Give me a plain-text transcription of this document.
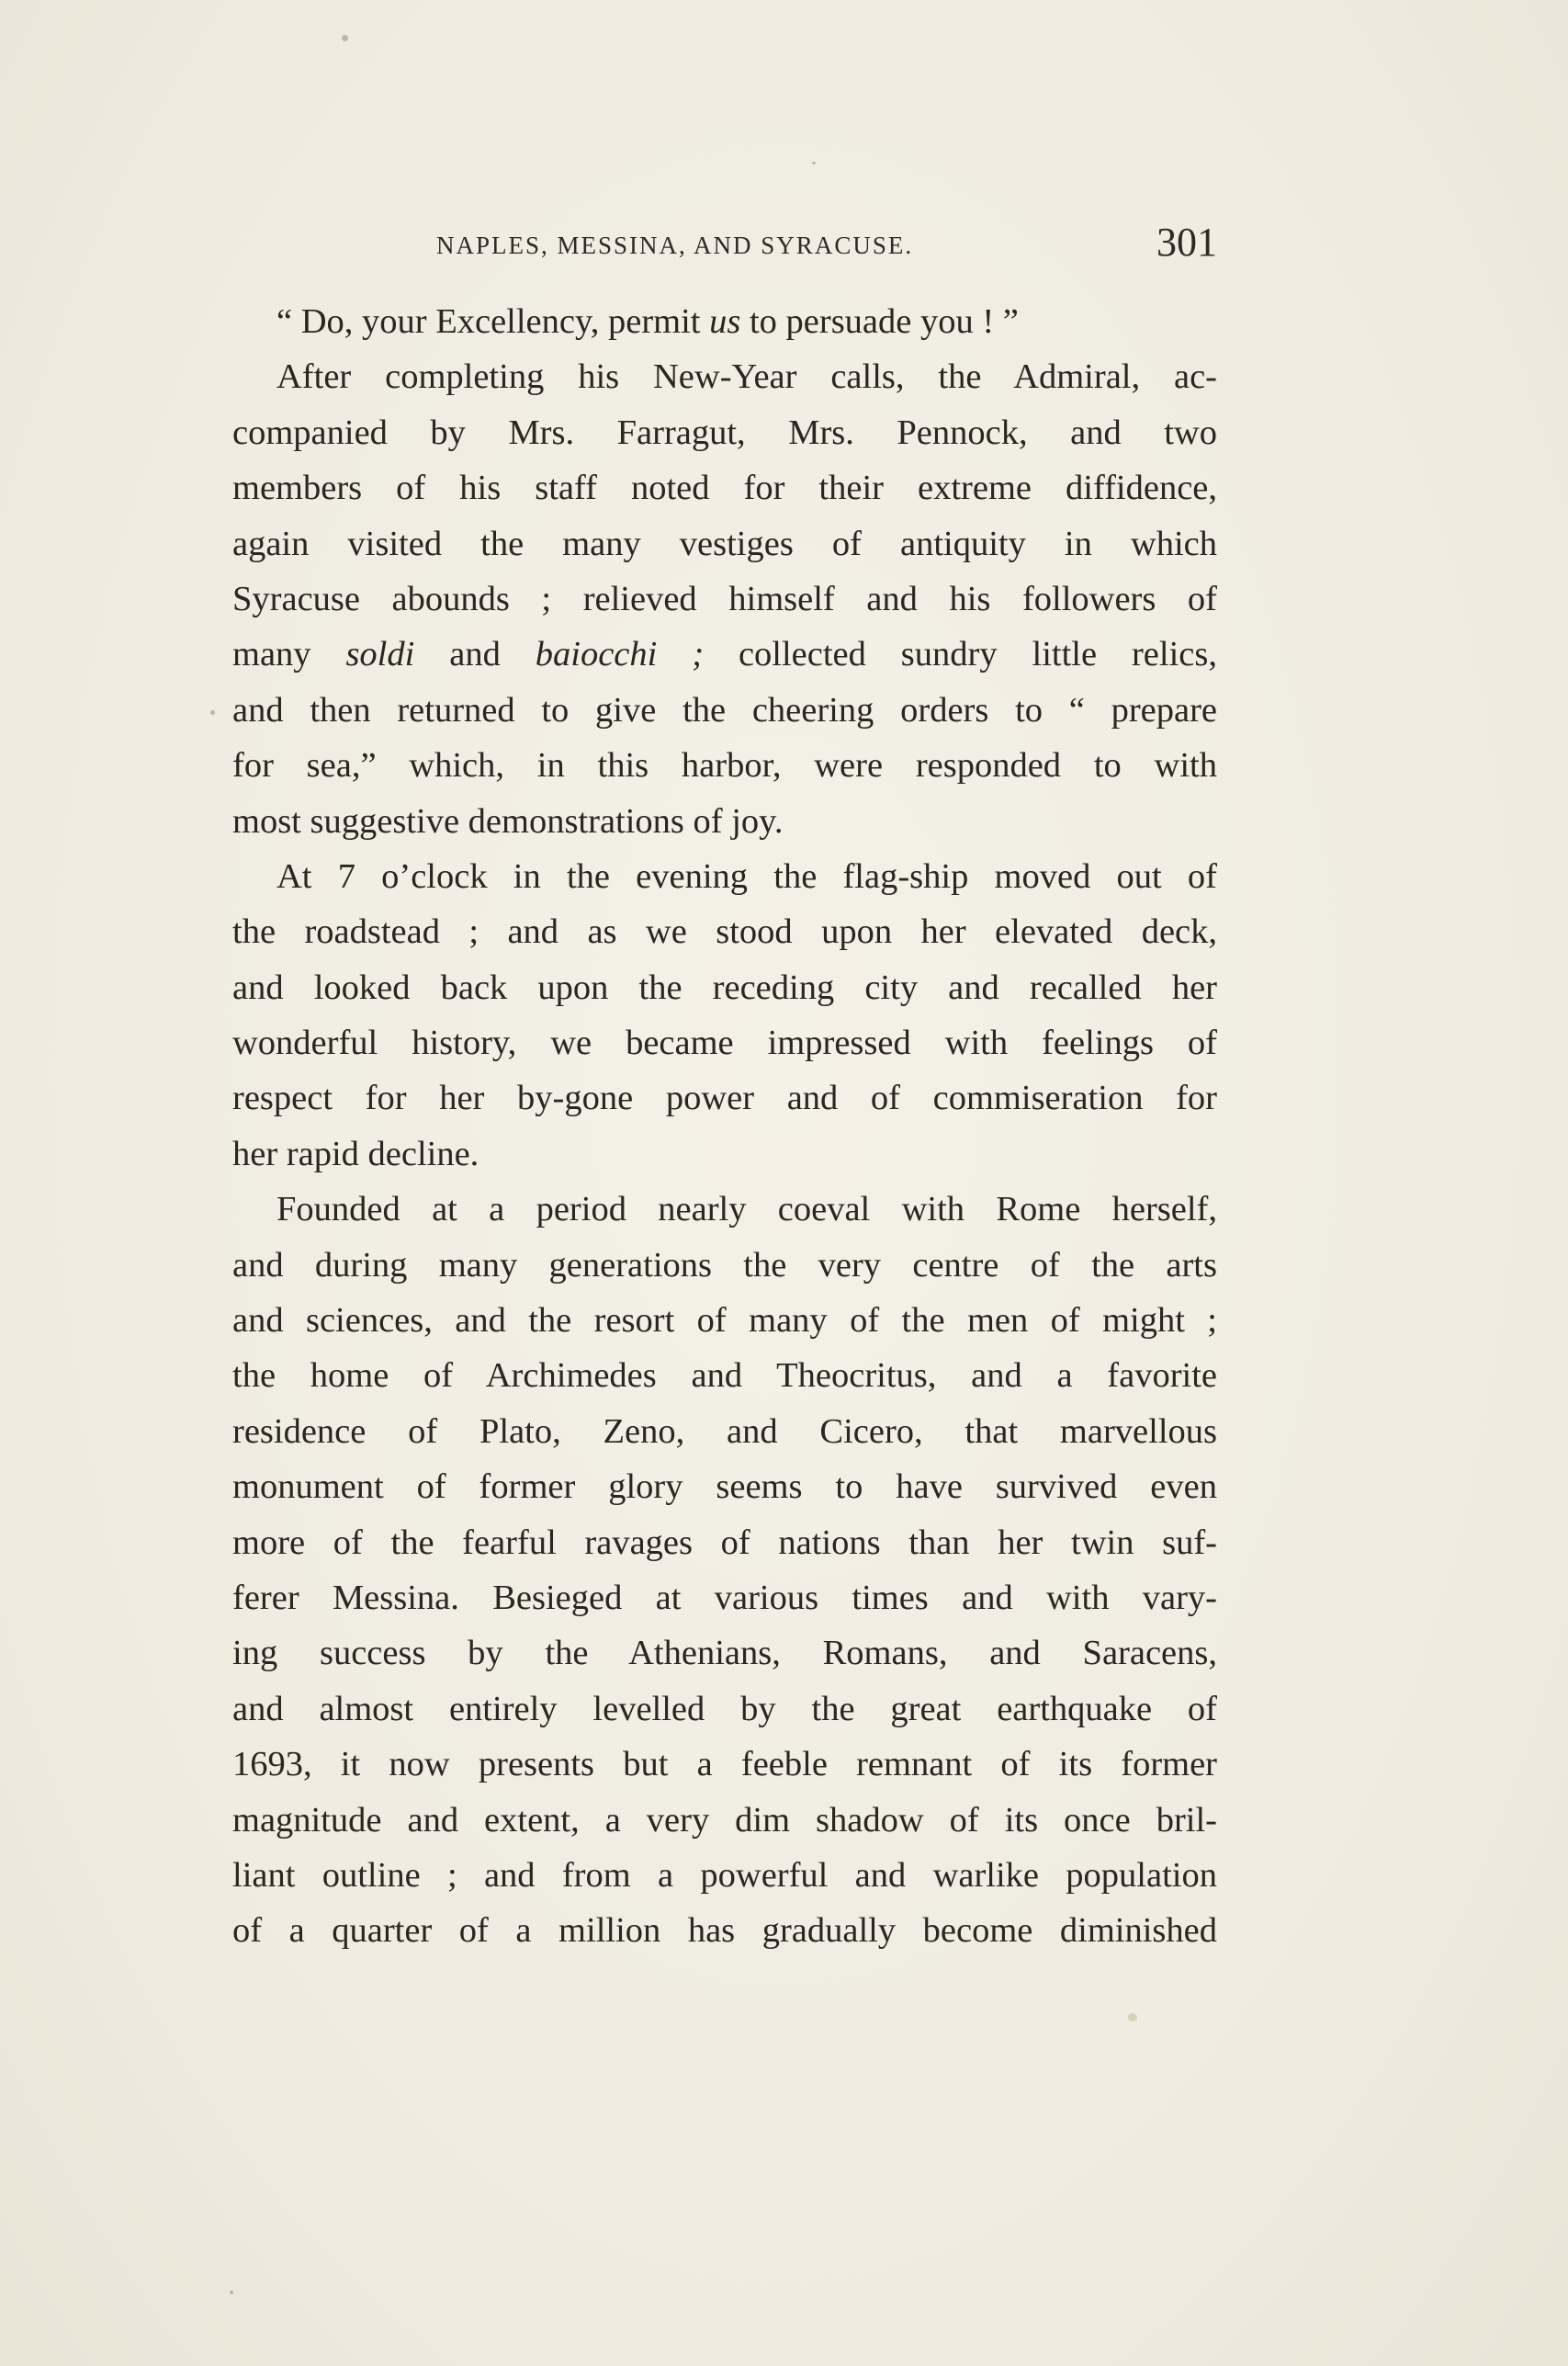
NAPLES, MESSINA, AND SYRACUSE.	301
“ Do, your Excellency, permit us to persuade you ! ”
After completing his New-Year calls, the Admiral, ac-
companied by Mrs. Farragut, Mrs. Pennock, and two
members of his staff noted for their extreme diffidence,
again visited the many vestiges of antiquity in which
Syracuse abounds ; relieved himself and his followers of
many soldi and baiocchi ; collected sundry little relics,
and then returned to give the cheering orders to “ prepare
for sea,” which, in this harbor, were responded to with
most suggestive demonstrations of joy.
At 7 o’clock in the evening the flag-ship moved out of
the roadstead ; and as we stood upon her elevated deck,
and looked back upon the receding city and recalled her
wonderful history, we became impressed with feelings of
respect for her by-gone power and of commiseration for
her rapid decline.
Founded at a period nearly coeval with Rome herself,
and during many generations the very centre of the arts
and sciences, and the resort of many of the men of might ;
the home of Archimedes and Theocritus, and a favorite
residence of Plato, Zeno, and Cicero, that marvellous
monument of former glory seems to have survived even
more of the fearful ravages of nations than her twin suf-
ferer Messina. Besieged at various times and with vary-
ing success by the Athenians, Romans, and Saracens,
and almost entirely levelled by the great earthquake of
1693, it now presents but a feeble remnant of its former
magnitude and extent, a very dim shadow of its once bril-
liant outline ; and from a powerful and warlike population
of a quarter of a million has gradually become diminished
